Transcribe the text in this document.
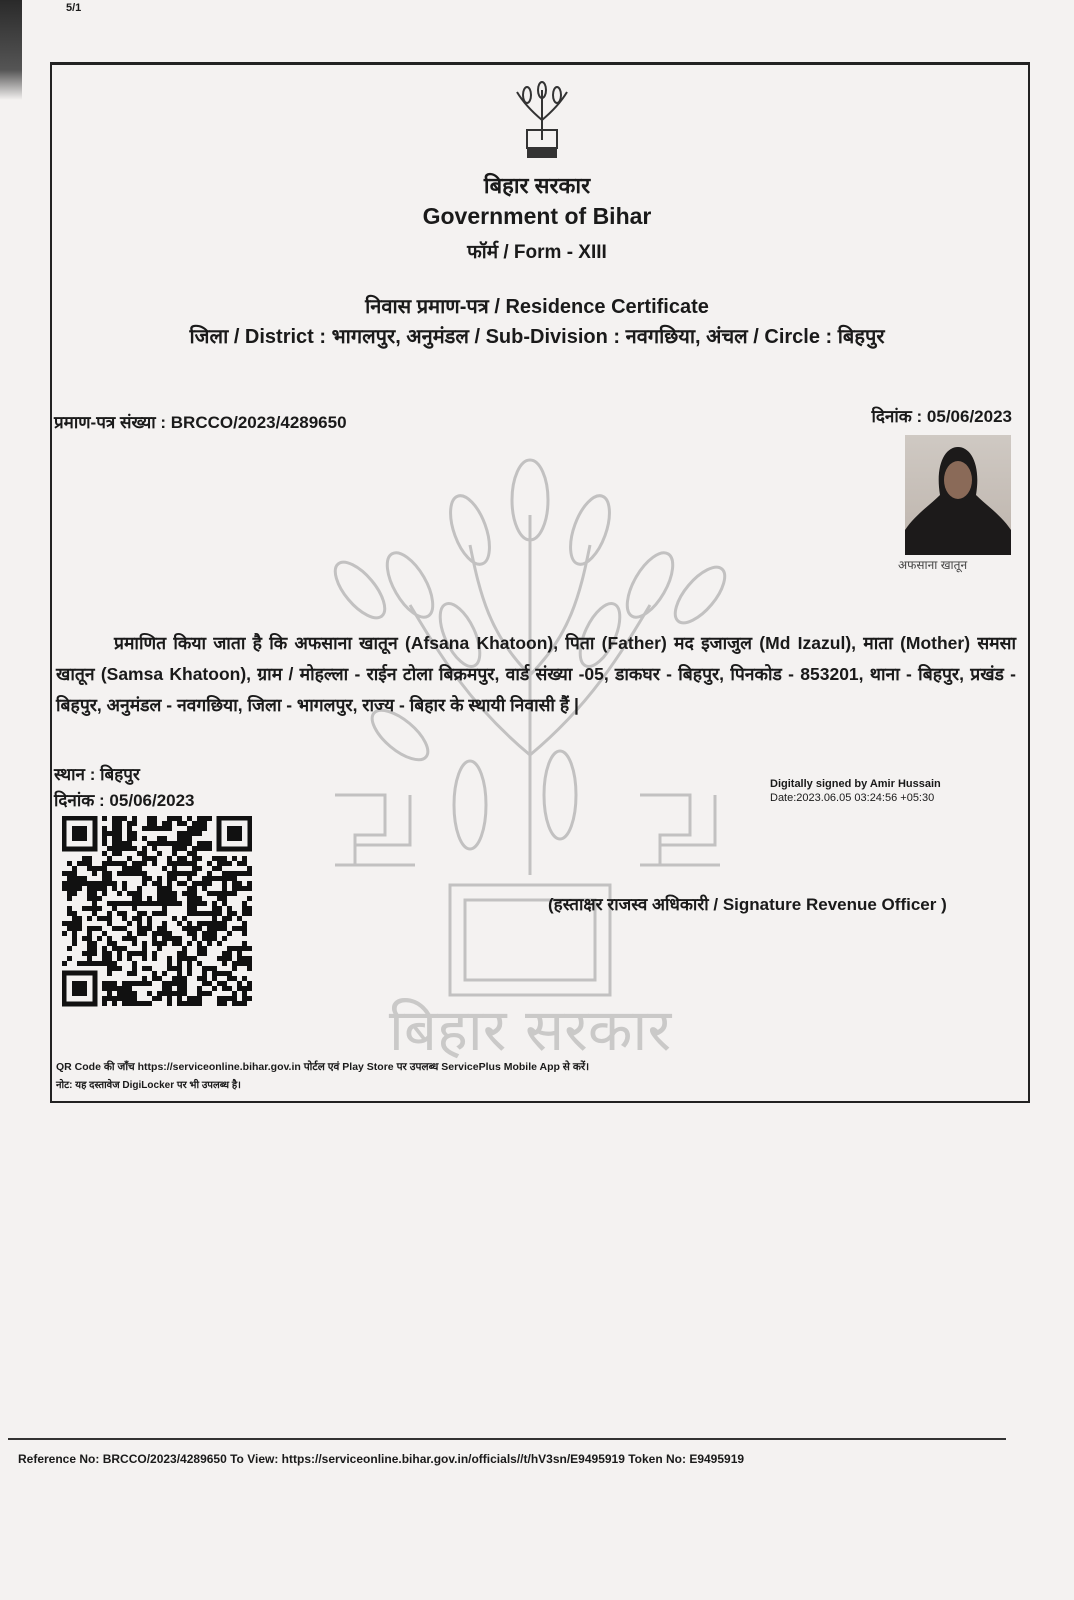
5/1
बिहार सरकार
बिहार सरकार
Government of Bihar
फॉर्म / Form - XIII
निवास प्रमाण-पत्र / Residence Certificate
जिला / District : भागलपुर, अनुमंडल / Sub-Division : नवगछिया, अंचल / Circle : बिहपुर
प्रमाण-पत्र संख्या : BRCCO/2023/4289650	दिनांक : 05/06/2023
अफसाना खातून
प्रमाणित किया जाता है कि अफसाना खातून (Afsana Khatoon), पिता (Father) मद इजाजुल (Md Izazul), माता (Mother) समसा खातून (Samsa Khatoon), ग्राम / मोहल्ला - राईन टोला बिक्रमपुर, वार्ड संख्या -05, डाकघर - बिहपुर, पिनकोड - 853201, थाना - बिहपुर, प्रखंड - बिहपुर, अनुमंडल - नवगछिया, जिला - भागलपुर, राज्य - बिहार के स्थायी निवासी हैं |
स्थान : बिहपुर
दिनांक : 05/06/2023
Digitally signed by Amir Hussain
Date:2023.06.05 03:24:56 +05:30
(हस्ताक्षर राजस्व अधिकारी / Signature Revenue Officer )
QR Code की जाँच https://serviceonline.bihar.gov.in पोर्टल एवं Play Store पर उपलब्ध ServicePlus Mobile App से करें।
नोट: यह दस्तावेज DigiLocker पर भी उपलब्ध है।
Reference No: BRCCO/2023/4289650 To View: https://serviceonline.bihar.gov.in/officials//t/hV3sn/E9495919 Token No: E9495919
